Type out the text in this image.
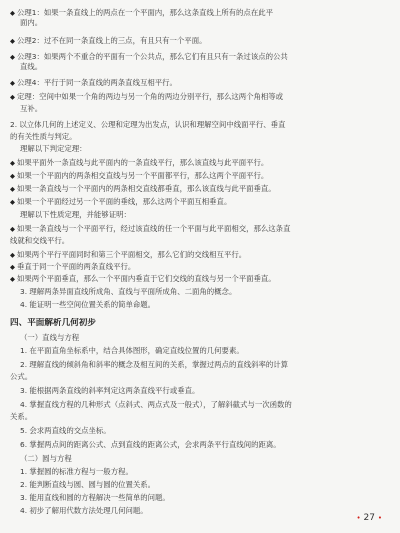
◆ 公理1：如果一条直线上的两点在一个平面内，那么这条直线上所有的点在此平
面内。
◆ 公理2：过不在同一条直线上的三点，有且只有一个平面。
◆ 公理3：如果两个不重合的平面有一个公共点，那么它们有且只有一条过该点的公共
直线。
◆ 公理4：平行于同一条直线的两条直线互相平行。
◆ 定理：空间中如果一个角的两边与另一个角的两边分别平行，那么这两个角相等或
互补。
2. 以立体几何的上述定义、公理和定理为出发点，认识和理解空间中线面平行、垂直
的有关性质与判定。
理解以下判定定理：
◆ 如果平面外一条直线与此平面内的一条直线平行，那么该直线与此平面平行。
◆ 如果一个平面内的两条相交直线与另一个平面都平行，那么这两个平面平行。
◆ 如果一条直线与一个平面内的两条相交直线都垂直，那么该直线与此平面垂直。
◆ 如果一个平面经过另一个平面的垂线，那么这两个平面互相垂直。
理解以下性质定理，并能够证明：
◆ 如果一条直线与一个平面平行，经过该直线的任一个平面与此平面相交，那么这条直
线就和交线平行。
◆ 如果两个平行平面同时和第三个平面相交，那么它们的交线相互平行。
◆ 垂直于同一个平面的两条直线平行。
◆ 如果两个平面垂直，那么一个平面内垂直于它们交线的直线与另一个平面垂直。
3. 理解两条异面直线所成角、直线与平面所成角、二面角的概念。
4. 能证明一些空间位置关系的简单命题。
四、平面解析几何初步
（一）直线与方程
1. 在平面直角坐标系中，结合具体图形，确定直线位置的几何要素。
2. 理解直线的倾斜角和斜率的概念及相互间的关系，掌握过两点的直线斜率的计算
公式。
3. 能根据两条直线的斜率判定这两条直线平行或垂直。
4. 掌握直线方程的几种形式（点斜式、两点式及一般式），了解斜截式与一次函数的
关系。
5. 会求两直线的交点坐标。
6. 掌握两点间的距离公式、点到直线的距离公式，会求两条平行直线间的距离。
（二）圆与方程
1. 掌握圆的标准方程与一般方程。
2. 能判断直线与圆、圆与圆的位置关系。
3. 能用直线和圆的方程解决一些简单的问题。
4. 初步了解用代数方法处理几何问题。
• 27 •
